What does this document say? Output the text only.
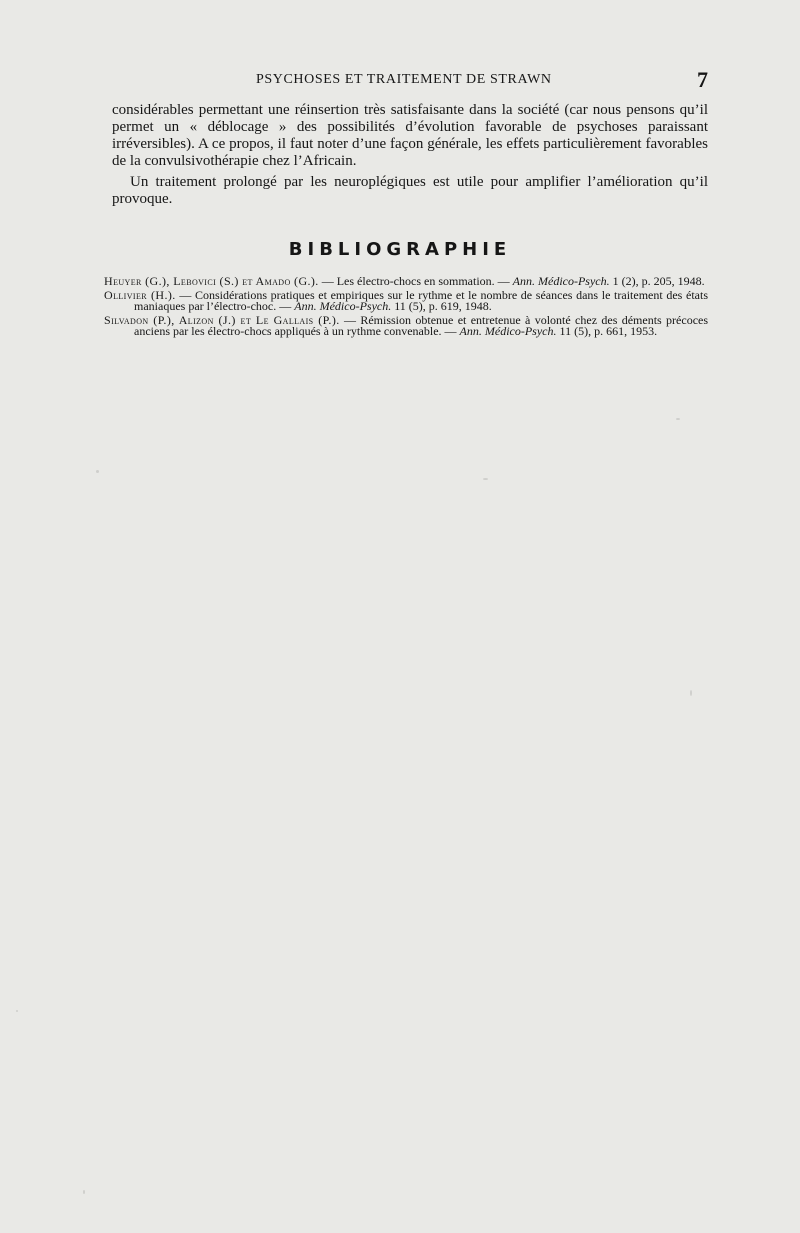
PSYCHOSES ET TRAITEMENT DE STRAWN	7

considérables permettant une réinsertion très satisfaisante dans la société (car nous pensons qu’il permet un « déblocage » des possibilités d’évolution favorable de psychoses paraissant irréversibles). A ce propos, il faut noter d’une façon générale, les effets particulièrement favorables de la convulsivothérapie chez l’Africain.

Un traitement prolongé par les neuroplégiques est utile pour amplifier l’amélioration qu’il provoque.

BIBLIOGRAPHIE

Heuyer (G.), Lebovici (S.) et Amado (G.). — Les électro-chocs en sommation. — Ann. Médico-Psych. 1 (2), p. 205, 1948.

Ollivier (H.). — Considérations pratiques et empiriques sur le rythme et le nombre de séances dans le traitement des états maniaques par l’électro-choc. — Ann. Médico-Psych. 11 (5), p. 619, 1948.

Silvadon (P.), Alizon (J.) et Le Gallais (P.). — Rémission obtenue et entretenue à volonté chez des déments précoces anciens par les électro-chocs appliqués à un rythme convenable. — Ann. Médico-Psych. 11 (5), p. 661, 1953.
